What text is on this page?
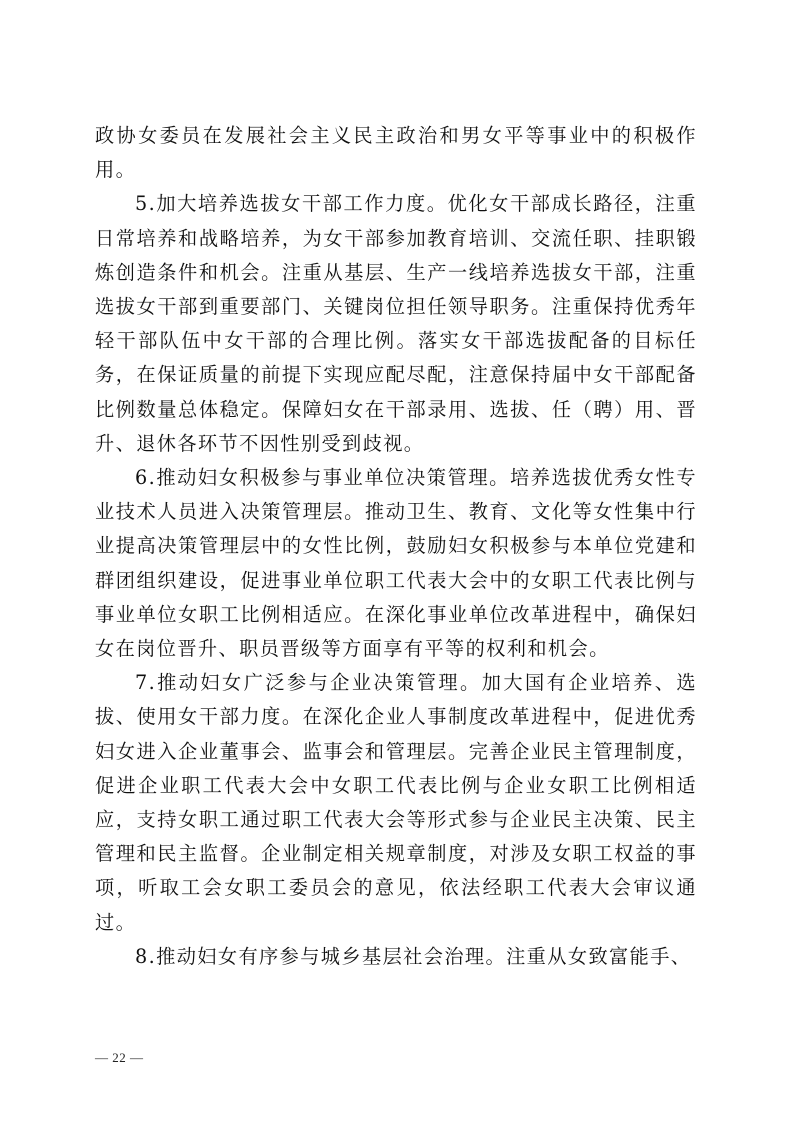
政协女委员在发展社会主义民主政治和男女平等事业中的积极作用。

5.加大培养选拔女干部工作力度。优化女干部成长路径，注重日常培养和战略培养，为女干部参加教育培训、交流任职、挂职锻炼创造条件和机会。注重从基层、生产一线培养选拔女干部，注重选拔女干部到重要部门、关键岗位担任领导职务。注重保持优秀年轻干部队伍中女干部的合理比例。落实女干部选拔配备的目标任务，在保证质量的前提下实现应配尽配，注意保持届中女干部配备比例数量总体稳定。保障妇女在干部录用、选拔、任（聘）用、晋升、退休各环节不因性别受到歧视。

6.推动妇女积极参与事业单位决策管理。培养选拔优秀女性专业技术人员进入决策管理层。推动卫生、教育、文化等女性集中行业提高决策管理层中的女性比例，鼓励妇女积极参与本单位党建和群团组织建设，促进事业单位职工代表大会中的女职工代表比例与事业单位女职工比例相适应。在深化事业单位改革进程中，确保妇女在岗位晋升、职员晋级等方面享有平等的权利和机会。

7.推动妇女广泛参与企业决策管理。加大国有企业培养、选拔、使用女干部力度。在深化企业人事制度改革进程中，促进优秀妇女进入企业董事会、监事会和管理层。完善企业民主管理制度，促进企业职工代表大会中女职工代表比例与企业女职工比例相适应，支持女职工通过职工代表大会等形式参与企业民主决策、民主管理和民主监督。企业制定相关规章制度，对涉及女职工权益的事项，听取工会女职工委员会的意见，依法经职工代表大会审议通过。

8.推动妇女有序参与城乡基层社会治理。注重从女致富能手、

— 22 —
